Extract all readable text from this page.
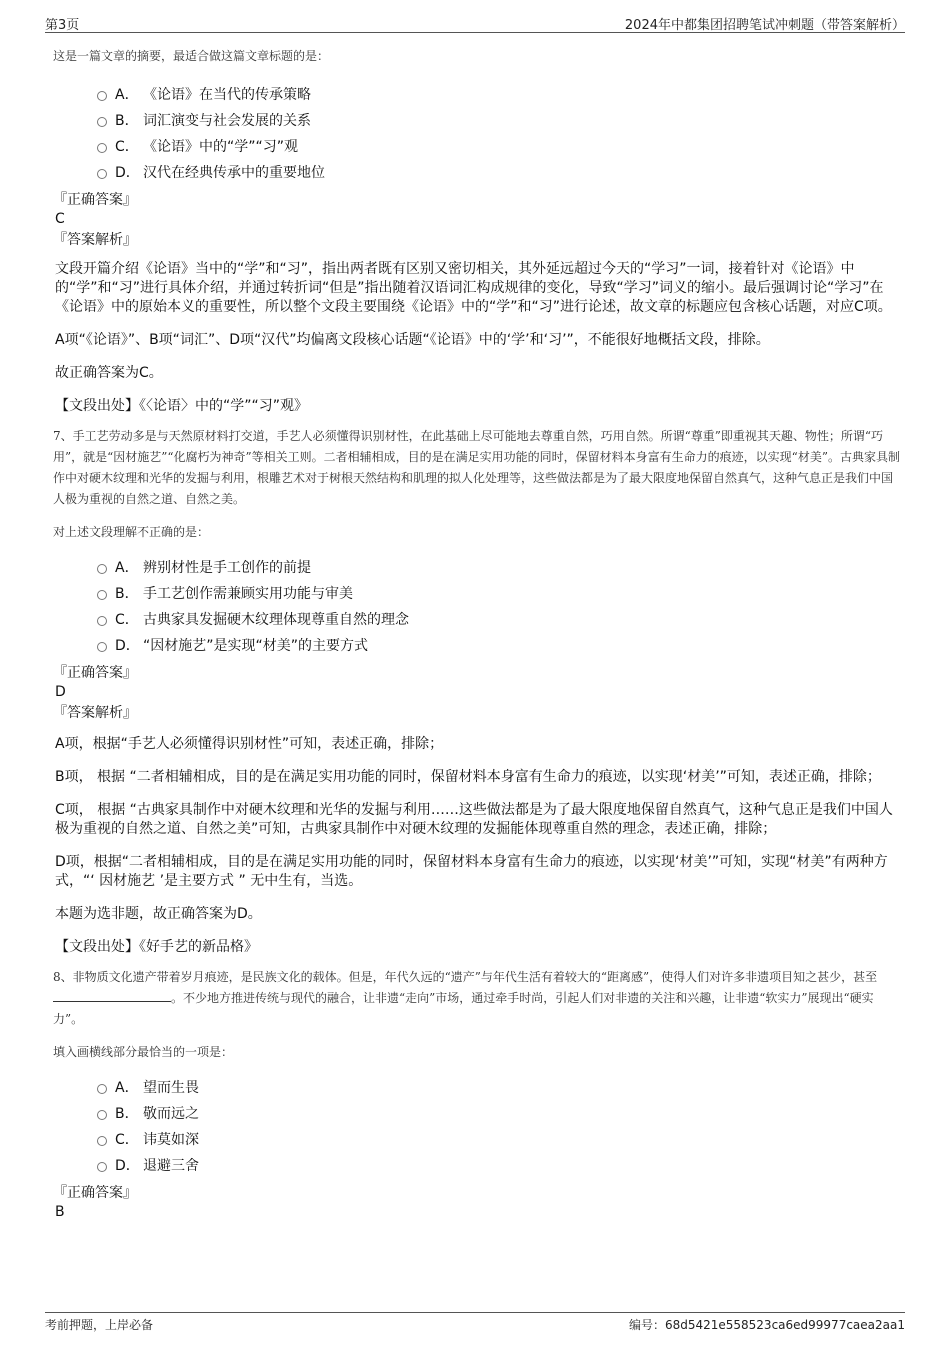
第3页	2024年中都集团招聘笔试冲刺题（带答案解析）
这是一篇文章的摘要，最适合做这篇文章标题的是：
A． 《论语》在当代的传承策略
B． 词汇演变与社会发展的关系
C． 《论语》中的“学”“习”观
D． 汉代在经典传承中的重要地位
『正确答案』
C
『答案解析』
文段开篇介绍《论语》当中的“学”和“习”，指出两者既有区别又密切相关，其外延远超过今天的“学习”一词，接着针对《论语》中的“学”和“习”进行具体介绍，并通过转折词“但是”指出随着汉语词汇构成规律的变化，导致“学习”词义的缩小。最后强调讨论“学习”在《论语》中的原始本义的重要性，所以整个文段主要围绕《论语》中的“学”和“习”进行论述，故文章的标题应包含核心话题，对应C项。
A项“《论语》”、B项“词汇”、D项“汉代”均偏离文段核心话题“《论语》中的‘学’和‘习’”，不能很好地概括文段，排除。
故正确答案为C。
【文段出处】《〈论语〉中的“学”“习”观》
7、手工艺劳动多是与天然原材料打交道，手艺人必须懂得识别材性，在此基础上尽可能地去尊重自然，巧用自然。所谓“尊重”即重视其天趣、物性；所谓“巧用”，就是“因材施艺”“化腐朽为神奇”等相关工则。二者相辅相成，目的是在满足实用功能的同时，保留材料本身富有生命力的痕迹，以实现“材美”。古典家具制作中对硬木纹理和光华的发掘与利用，根雕艺术对于树根天然结构和肌理的拟人化处理等，这些做法都是为了最大限度地保留自然真气，这种气息正是我们中国人极为重视的自然之道、自然之美。
对上述文段理解不正确的是：
A． 辨别材性是手工创作的前提
B． 手工艺创作需兼顾实用功能与审美
C． 古典家具发掘硬木纹理体现尊重自然的理念
D． “因材施艺”是实现“材美”的主要方式
『正确答案』
D
『答案解析』
A项，根据“手艺人必须懂得识别材性”可知，表述正确，排除；
B项， 根据 “二者相辅相成，目的是在满足实用功能的同时，保留材料本身富有生命力的痕迹，以实现‘材美’”可知，表述正确，排除；
C项， 根据 “古典家具制作中对硬木纹理和光华的发掘与利用……这些做法都是为了最大限度地保留自然真气，这种气息正是我们中国人极为重视的自然之道、自然之美”可知，古典家具制作中对硬木纹理的发掘能体现尊重自然的理念，表述正确，排除；
D项，根据“二者相辅相成，目的是在满足实用功能的同时，保留材料本身富有生命力的痕迹，以实现‘材美’”可知，实现“材美”有两种方式，“‘ 因材施艺 ’是主要方式 ” 无中生有，当选。
本题为选非题，故正确答案为D。
【文段出处】《好手艺的新品格》
8、非物质文化遗产带着岁月痕迹，是民族文化的载体。但是，年代久远的“遗产”与年代生活有着较大的“距离感”，使得人们对许多非遗项目知之甚少，甚至。不少地方推进传统与现代的融合，让非遗“走向”市场，通过牵手时尚，引起人们对非遗的关注和兴趣，让非遗“软实力”展现出“硬实力”。
填入画横线部分最恰当的一项是：
A． 望而生畏
B． 敬而远之
C． 讳莫如深
D． 退避三舍
『正确答案』
B
考前押题，上岸必备	编号：68d5421e558523ca6ed99977caea2aa1
